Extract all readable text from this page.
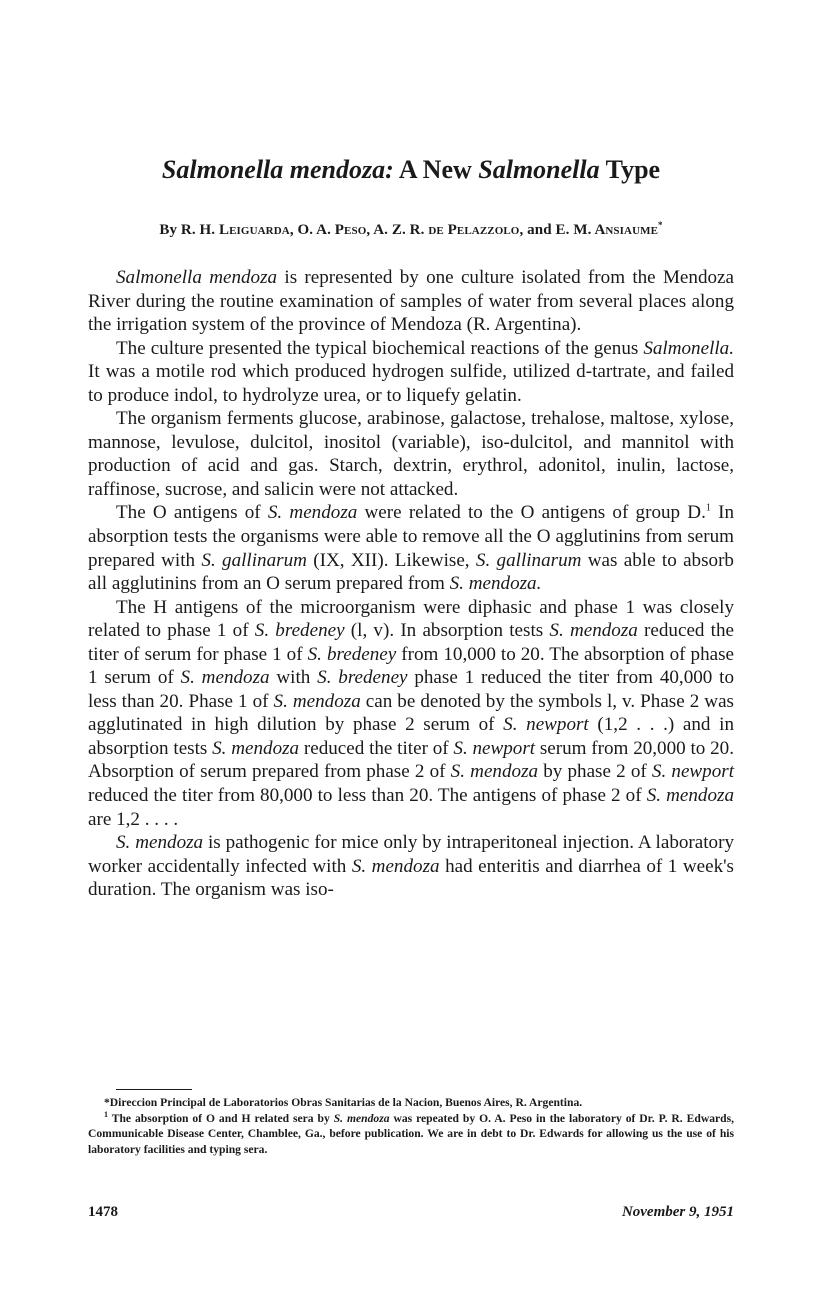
Salmonella mendoza: A New Salmonella Type
By R. H. Leiguarda, O. A. Peso, A. Z. R. de Pelazzolo, and E. M. Ansiaume*

Salmonella mendoza is represented by one culture isolated from the Mendoza River during the routine examination of samples of water from several places along the irrigation system of the province of Mendoza (R. Argentina).

The culture presented the typical biochemical reactions of the genus Salmonella. It was a motile rod which produced hydrogen sulfide, utilized d-tartrate, and failed to produce indol, to hydrolyze urea, or to liquefy gelatin.

The organism ferments glucose, arabinose, galactose, trehalose, maltose, xylose, mannose, levulose, dulcitol, inositol (variable), iso-dulcitol, and mannitol with production of acid and gas. Starch, dextrin, erythrol, adonitol, inulin, lactose, raffinose, sucrose, and salicin were not attacked.

The O antigens of S. mendoza were related to the O antigens of group D.$^1$ In absorption tests the organisms were able to remove all the O agglutinins from serum prepared with S. gallinarum (IX, XII). Likewise, S. gallinarum was able to absorb all agglutinins from an O serum prepared from S. mendoza.

The H antigens of the microorganism were diphasic and phase 1 was closely related to phase 1 of S. bredeney (l, v). In absorption tests S. mendoza reduced the titer of serum for phase 1 of S. bredeney from 10,000 to 20. The absorption of phase 1 serum of S. mendoza with S. bredeney phase 1 reduced the titer from 40,000 to less than 20. Phase 1 of S. mendoza can be denoted by the symbols l, v. Phase 2 was agglutinated in high dilution by phase 2 serum of S. newport (1,2 . . .) and in absorption tests S. mendoza reduced the titer of S. newport serum from 20,000 to 20. Absorption of serum prepared from phase 2 of S. mendoza by phase 2 of S. newport reduced the titer from 80,000 to less than 20. The antigens of phase 2 of S. mendoza are 1,2 . . . .

S. mendoza is pathogenic for mice only by intraperitoneal injection. A laboratory worker accidentally infected with S. mendoza had enteritis and diarrhea of 1 week's duration. The organism was iso-

*Direccion Principal de Laboratorios Obras Sanitarias de la Nacion, Buenos Aires, R. Argentina.

$^1$ The absorption of O and H related sera by S. mendoza was repeated by O. A. Peso in the laboratory of Dr. P. R. Edwards, Communicable Disease Center, Chamblee, Ga., before publication. We are in debt to Dr. Edwards for allowing us the use of his laboratory facilities and typing sera.

1478	November 9, 1951
